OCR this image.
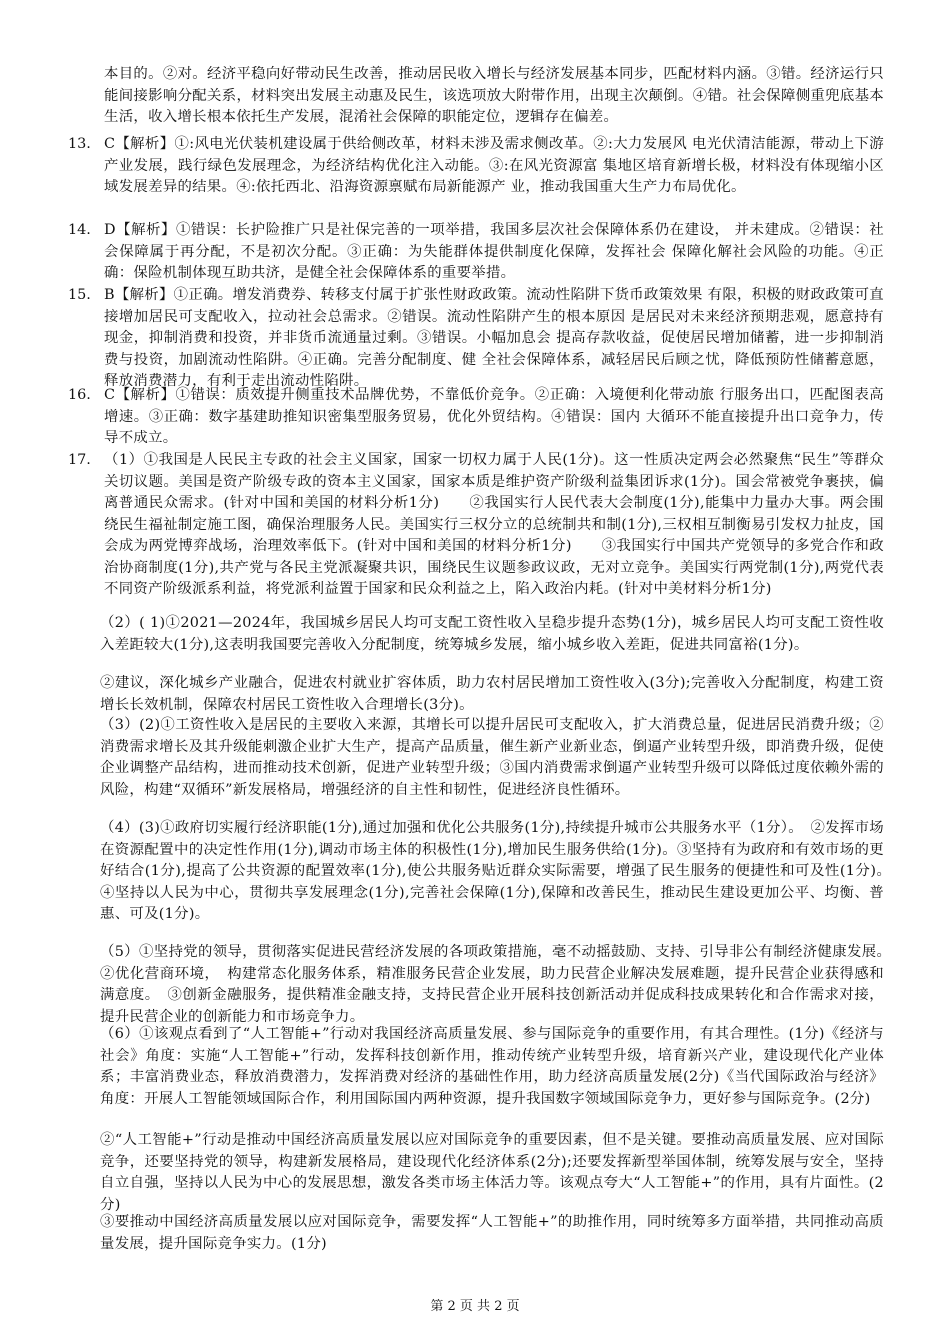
本目的。②对。经济平稳向好带动民生改善，推动居民收入增长与经济发展基本同步，匹配材料内涵。③错。经济运行只能间接影响分配关系，材料突出发展主动惠及民生，该选项放大附带作用，出现主次颠倒。④错。社会保障侧重兜底基本生活，收入增长根本依托生产发展，混淆社会保障的职能定位，逻辑存在偏差。

13. C【解析】①:风电光伏装机建设属于供给侧改革，材料未涉及需求侧改革。②:大力发展风 电光伏清洁能源，带动上下游产业发展，践行绿色发展理念，为经济结构优化注入动能。③:在风光资源富 集地区培育新增长极，材料没有体现缩小区域发展差异的结果。④:依托西北、沿海资源禀赋布局新能源产 业，推动我国重大生产力布局优化。
14. D【解析】①错误：长护险推广只是社保完善的一项举措，我国多层次社会保障体系仍在建设， 并未建成。②错误：社会保障属于再分配，不是初次分配。③正确：为失能群体提供制度化保障，发挥社会 保障化解社会风险的功能。④正确：保险机制体现互助共济，是健全社会保障体系的重要举措。
15. B【解析】①正确。增发消费券、转移支付属于扩张性财政政策。流动性陷阱下货币政策效果 有限，积极的财政政策可直接增加居民可支配收入，拉动社会总需求。②错误。流动性陷阱产生的根本原因 是居民对未来经济预期悲观，愿意持有现金，抑制消费和投资，并非货币流通量过剩。③错误。小幅加息会 提高存款收益，促使居民增加储蓄，进一步抑制消费与投资，加剧流动性陷阱。④正确。完善分配制度、健 全社会保障体系，减轻居民后顾之忧，降低预防性储蓄意愿，释放消费潜力，有利于走出流动性陷阱。
16. C【解析】①错误：质效提升侧重技术品牌优势，不靠低价竞争。②正确：入境便利化带动旅 行服务出口，匹配图表高增速。③正确：数字基建助推知识密集型服务贸易，优化外贸结构。④错误：国内 大循环不能直接提升出口竞争力，传导不成立。
17. （1）①我国是人民民主专政的社会主义国家，国家一切权力属于人民(1分)。这一性质决定两会必然聚焦“民生”等群众关切议题。美国是资产阶级专政的资本主义国家，国家本质是维护资产阶级利益集团诉求(1分)。国会常被党争裹挟，偏离普通民众需求。(针对中国和美国的材料分析1分)　　②我国实行人民代表大会制度(1分),能集中力量办大事。两会围绕民生福祉制定施工图，确保治理服务人民。美国实行三权分立的总统制共和制(1分),三权相互制衡易引发权力扯皮，国会成为两党博弈战场，治理效率低下。(针对中国和美国的材料分析1分)　　③我国实行中国共产党领导的多党合作和政治协商制度(1分),共产党与各民主党派凝聚共识，围绕民生议题参政议政，无对立竞争。美国实行两党制(1分),两党代表不同资产阶级派系利益，将党派利益置于国家和民众利益之上，陷入政治内耗。(针对中美材料分析1分)

（2）( 1)①2021—2024年，我国城乡居民人均可支配工资性收入呈稳步提升态势(1分)，城乡居民人均可支配工资性收入差距较大(1分),这表明我国要完善收入分配制度，统筹城乡发展，缩小城乡收入差距，促进共同富裕(1分)。

②建议，深化城乡产业融合，促进农村就业扩容体质，助力农村居民增加工资性收入(3分);完善收入分配制度，构建工资增长长效机制，保障农村居民工资性收入合理增长(3分)。

（3）(2)①工资性收入是居民的主要收入来源，其增长可以提升居民可支配收入，扩大消费总量，促进居民消费升级；②消费需求增长及其升级能刺激企业扩大生产，提高产品质量，催生新产业新业态，倒逼产业转型升级，即消费升级，促使企业调整产品结构，进而推动技术创新，促进产业转型升级；③国内消费需求倒逼产业转型升级可以降低过度依赖外需的风险，构建“双循环”新发展格局，增强经济的自主性和韧性，促进经济良性循环。

（4）(3)①政府切实履行经济职能(1分),通过加强和优化公共服务(1分),持续提升城市公共服务水平（1分）。　②发挥市场在资源配置中的决定性作用(1分),调动市场主体的积极性(1分),增加民生服务供给(1分)。③坚持有为政府和有效市场的更好结合(1分),提高了公共资源的配置效率(1分),使公共服务贴近群众实际需要，增强了民生服务的便捷性和可及性(1分)。　④坚持以人民为中心，贯彻共享发展理念(1分),完善社会保障(1分),保障和改善民生，推动民生建设更加公平、均衡、普惠、可及(1分)。

（5）①坚持党的领导，贯彻落实促进民营经济发展的各项政策措施，毫不动摇鼓励、支持、引导非公有制经济健康发展。　②优化营商环境，　构建常态化服务体系，精准服务民营企业发展，助力民营企业解决发展难题，提升民营企业获得感和满意度。　③创新金融服务，提供精准金融支持，支持民营企业开展科技创新活动并促成科技成果转化和合作需求对接，提升民营企业的创新能力和市场竞争力。

（6）①该观点看到了“人工智能+”行动对我国经济高质量发展、参与国际竞争的重要作用，有其合理性。(1分)《经济与社会》角度：实施“人工智能+”行动，发挥科技创新作用，推动传统产业转型升级，培育新兴产业，建设现代化产业体系；丰富消费业态，释放消费潜力，发挥消费对经济的基础性作用，助力经济高质量发展(2分)《当代国际政治与经济》角度：开展人工智能领域国际合作，利用国际国内两种资源，提升我国数字领域国际竞争力，更好参与国际竞争。(2分)

②“人工智能+”行动是推动中国经济高质量发展以应对国际竞争的重要因素，但不是关键。要推动高质量发展、应对国际竞争，还要坚持党的领导，构建新发展格局，建设现代化经济体系(2分);还要发挥新型举国体制，统筹发展与安全，坚持自立自强，坚持以人民为中心的发展思想，激发各类市场主体活力等。该观点夸大“人工智能+”的作用，具有片面性。(2分)

③要推动中国经济高质量发展以应对国际竞争，需要发挥“人工智能+”的助推作用，同时统筹多方面举措，共同推动高质量发展，提升国际竞争实力。(1分)

第 2 页 共 2 页
